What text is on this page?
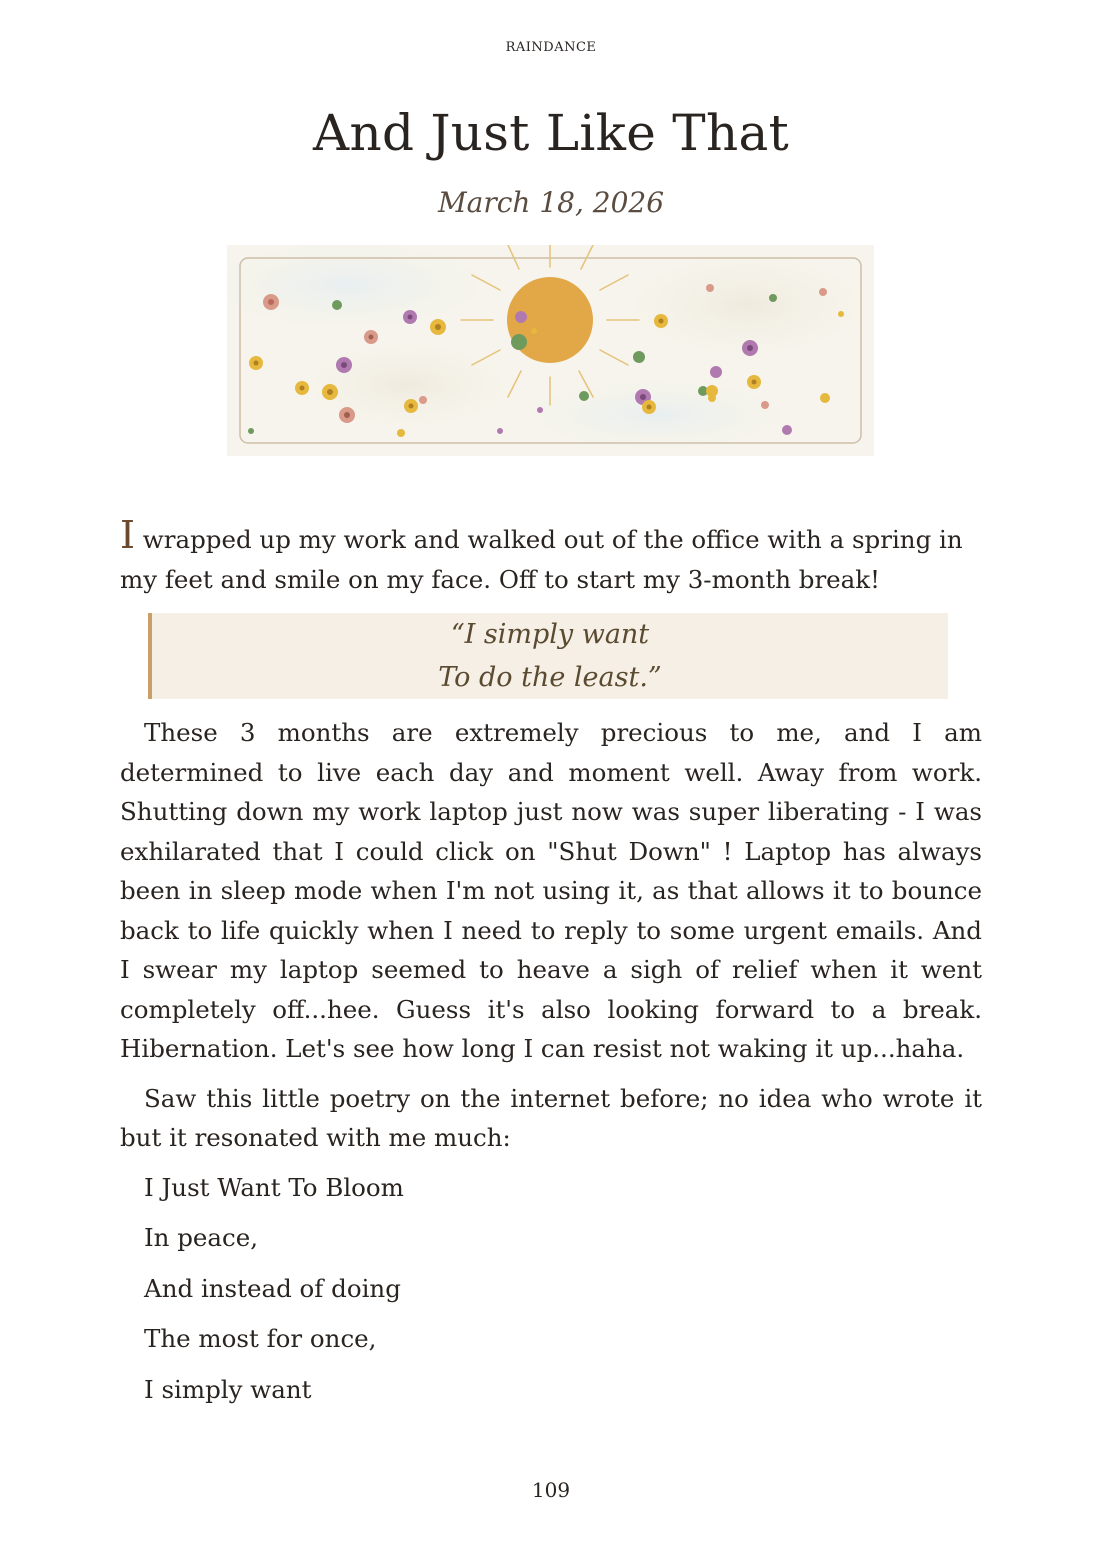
RAINDANCE
And Just Like That
March 18, 2026

I wrapped up my work and walked out of the office with a spring in my feet and smile on my face. Off to start my 3-month break!

“I simply want
To do the least.”

These 3 months are extremely precious to me, and I am determined to live each day and moment well. Away from work. Shutting down my work laptop just now was super liberating - I was exhilarated that I could click on "Shut Down" ! Laptop has always been in sleep mode when I'm not using it, as that allows it to bounce back to life quickly when I need to reply to some urgent emails. And I swear my laptop seemed to heave a sigh of relief when it went completely off...hee. Guess it's also looking forward to a break. Hibernation. Let's see how long I can resist not waking it up...haha.

Saw this little poetry on the internet before; no idea who wrote it but it resonated with me much:

I Just Want To Bloom
In peace,
And instead of doing
The most for once,
I simply want
109
